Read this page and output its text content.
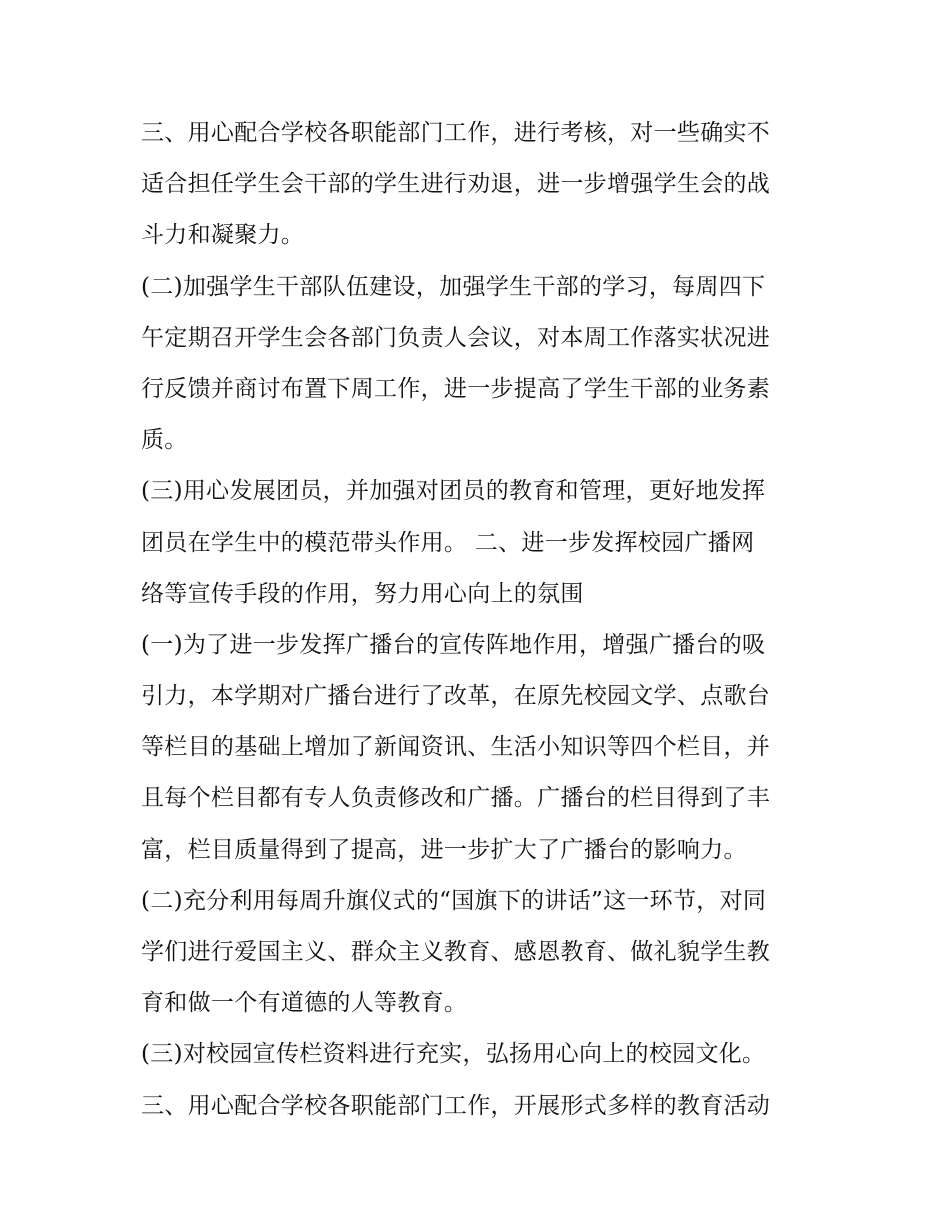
三、用心配合学校各职能部门工作，进行考核，对一些确实不
适合担任学生会干部的学生进行劝退，进一步增强学生会的战
斗力和凝聚力。
(二)加强学生干部队伍建设，加强学生干部的学习，每周四下
午定期召开学生会各部门负责人会议，对本周工作落实状况进
行反馈并商讨布置下周工作，进一步提高了学生干部的业务素
质。
(三)用心发展团员，并加强对团员的教育和管理，更好地发挥
团员在学生中的模范带头作用。 二、进一步发挥校园广播网
络等宣传手段的作用，努力用心向上的氛围
(一)为了进一步发挥广播台的宣传阵地作用，增强广播台的吸
引力，本学期对广播台进行了改革，在原先校园文学、点歌台
等栏目的基础上增加了新闻资讯、生活小知识等四个栏目，并
且每个栏目都有专人负责修改和广播。广播台的栏目得到了丰
富，栏目质量得到了提高，进一步扩大了广播台的影响力。
(二)充分利用每周升旗仪式的“国旗下的讲话”这一环节，对同
学们进行爱国主义、群众主义教育、感恩教育、做礼貌学生教
育和做一个有道德的人等教育。
(三)对校园宣传栏资料进行充实，弘扬用心向上的校园文化。
三、用心配合学校各职能部门工作，开展形式多样的教育活动
